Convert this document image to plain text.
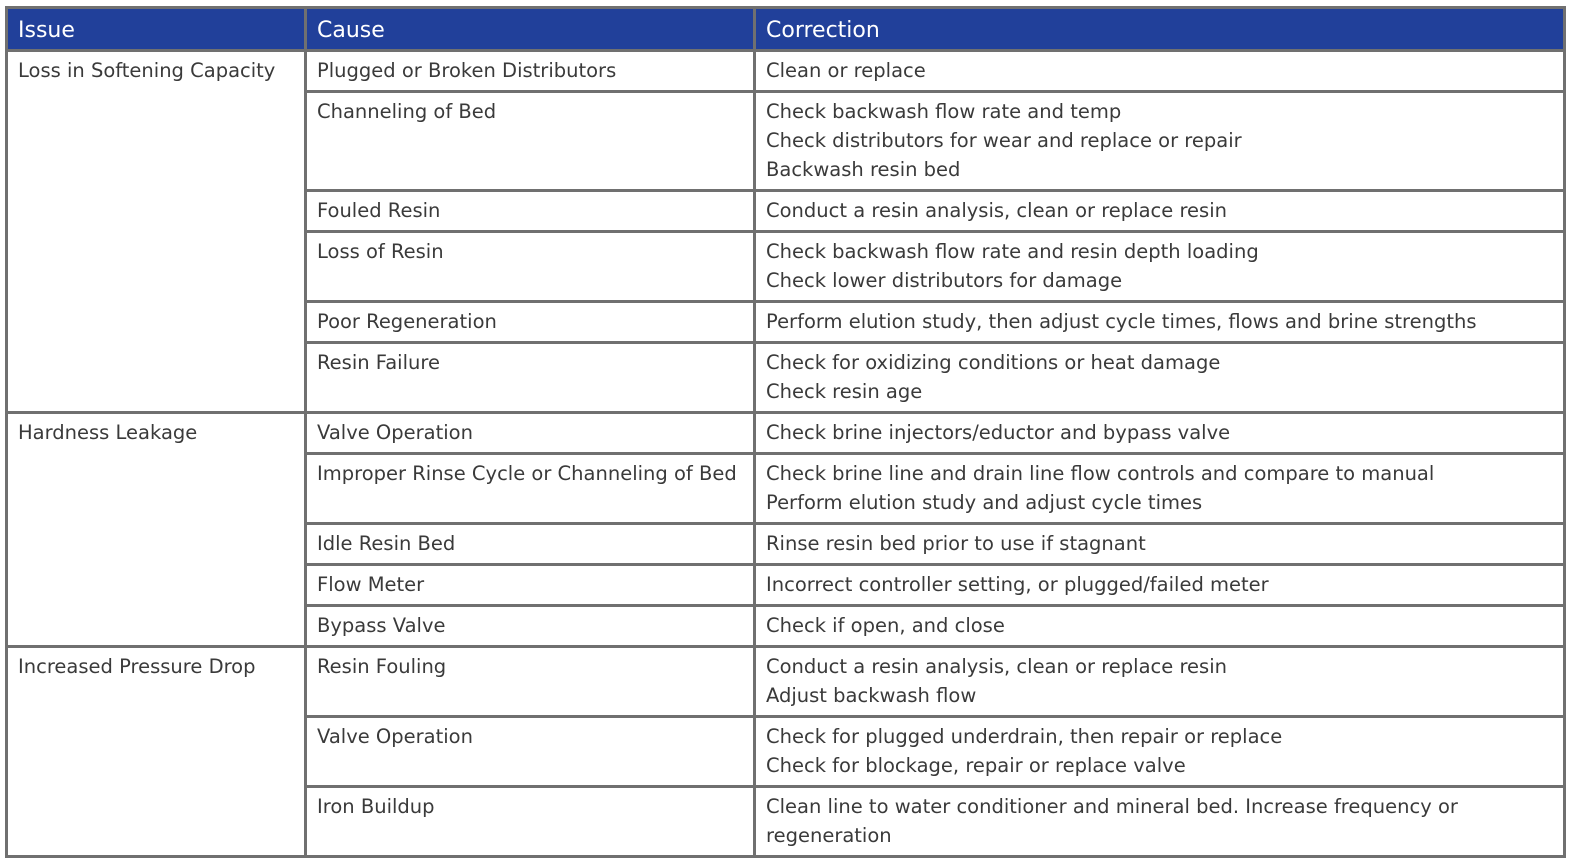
Issue	Cause	Correction
Loss in Softening Capacity	Plugged or Broken Distributors	Clean or replace

	Channeling of Bed	Check backwash flow rate and temp
Check distributors for wear and replace or repair
Backwash resin bed

	Fouled Resin	Conduct a resin analysis, clean or replace resin

	Loss of Resin	Check backwash flow rate and resin depth loading
Check lower distributors for damage

	Poor Regeneration	Perform elution study, then adjust cycle times, flows and brine strengths

	Resin Failure	Check for oxidizing conditions or heat damage
Check resin age

Hardness Leakage	Valve Operation	Check brine injectors/eductor and bypass valve

	Improper Rinse Cycle or Channeling of Bed	Check brine line and drain line flow controls and compare to manual
Perform elution study and adjust cycle times

	Idle Resin Bed	Rinse resin bed prior to use if stagnant

	Flow Meter	Incorrect controller setting, or plugged/failed meter

	Bypass Valve	Check if open, and close

Increased Pressure Drop	Resin Fouling	Conduct a resin analysis, clean or replace resin
Adjust backwash flow

	Valve Operation	Check for plugged underdrain, then repair or replace
Check for blockage, repair or replace valve

	Iron Buildup	Clean line to water conditioner and mineral bed. Increase frequency or regeneration
